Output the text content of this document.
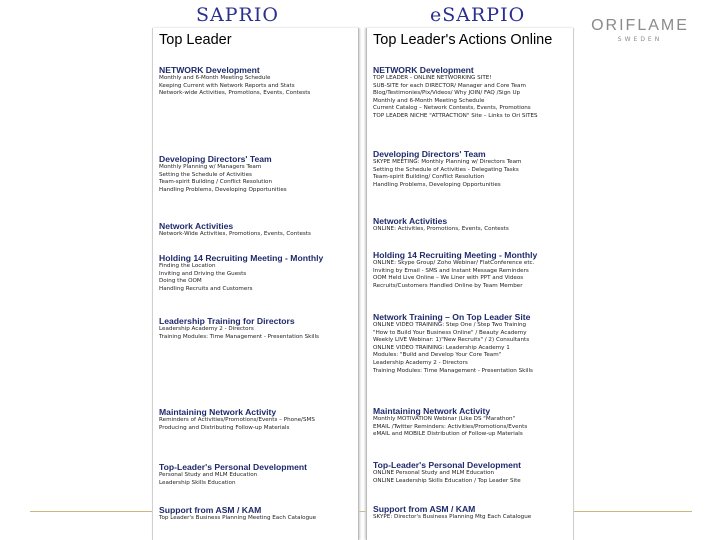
SAPRIO	eSARPIO	ORIFLAME
SWEDEN
Top Leader
NETWORK Development
Monthly and 6-Month Meeting Schedule
Keeping Current with Network Reports and Stats
Network-wide Activities, Promotions, Events, Contests
Developing Directors' Team
Monthly Planning w/ Managers Team
Setting the Schedule of Activities
Team-spirit Building / Conflict Resolution
Handling Problems, Developing Opportunities
Network Activities
Network-Wide Activities, Promotions, Events, Contests
Holding 14 Recruiting Meeting - Monthly
Finding the Location
Inviting and Driving the Guests
Doing the OOM
Handling Recruits and Customers
Leadership Training for Directors
Leadership Academy 2 - Directors
Training Modules: Time Management - Presentation Skills
Maintaining Network Activity
Reminders of Activities/Promotions/Events – Phone/SMS
Producing and Distributing Follow-up Materials
Top-Leader's Personal Development
Personal Study and MLM Education
Leadership Skills Education
Support from ASM / KAM
Top Leader's Business Planning Meeting Each Catalogue
Top Leader's Actions Online
NETWORK Development
TOP LEADER - ONLINE NETWORKING SITE!
SUB-SITE for each DIRECTOR/ Manager and Core Team
Blog/Testimonies/Pix/Videos/ Why JOIN/ FAQ /Sign Up
Monthly and 6-Month Meeting Schedule
Current Catalog – Network Contests, Events, Promotions
TOP LEADER NICHE "ATTRACTION" Site – Links to Ori SITES
Developing Directors' Team
SKYPE MEETING: Monthly Planning w/ Directors Team
Setting the Schedule of Activities - Delegating Tasks
Team-spirit Building/ Conflict Resolution
Handling Problems, Developing Opportunities
Network Activities
ONLINE: Activities, Promotions, Events, Contests
Holding 14 Recruiting Meeting - Monthly
ONLINE: Skype Group/ Zoho Webinar/ FlatConference etc.
Inviting by Email - SMS and Instant Message Reminders
OOM Held Live Online – We Liner with PPT and Videos
Recruits/Customers Handled Online by Team Member
Network Training – On Top Leader Site
ONLINE VIDEO TRAINING: Step One / Step Two Training
"How to Build Your Business Online" / Beauty Academy
Weekly LIVE Webinar: 1)"New Recruits" / 2) Consultants
ONLINE VIDEO TRAINING: Leadership Academy 1
Modules: "Build and Develop Your Core Team"
Leadership Academy 2 - Directors
Training Modules: Time Management - Presentation Skills
Maintaining Network Activity
Monthly MOTIVATION Webinar (Like DS "Marathon"
EMAIL /Twitter Reminders: Activities/Promotions/Events
eMAIL and MOBILE Distribution of Follow-up Materials
Top-Leader's Personal Development
ONLINE Personal Study and MLM Education
ONLINE Leadership Skills Education / Top Leader Site
Support from ASM / KAM
SKYPE: Director's Business Planning Mtg Each Catalogue
